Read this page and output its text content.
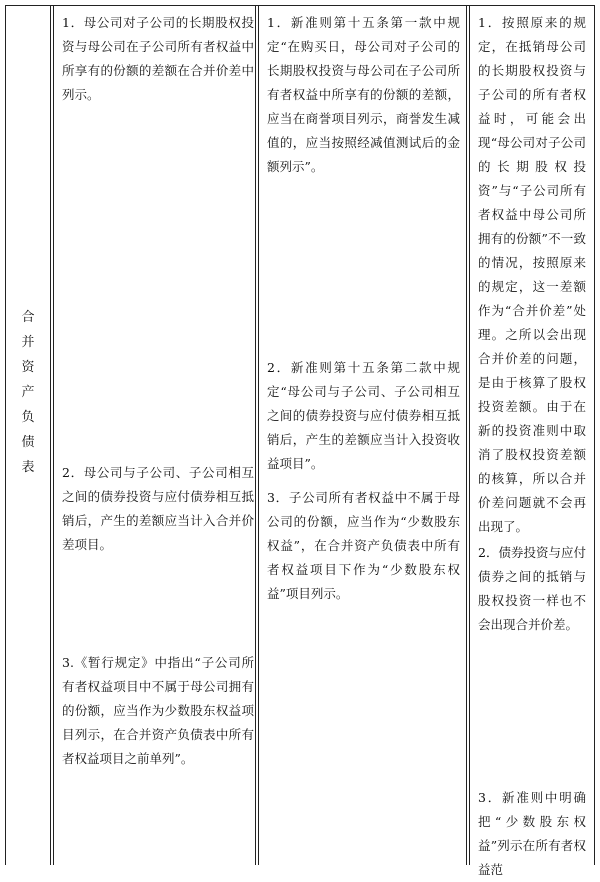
合并资产负债表

1．母公司对子公司的长期股权投资与母公司在子公司所有者权益中所享有的份额的差额在合并价差中列示。

2．母公司与子公司、子公司相互之间的债券投资与应付债券相互抵销后，产生的差额应当计入合并价差项目。

3.《暂行规定》中指出“子公司所有者权益项目中不属于母公司拥有的份额，应当作为少数股东权益项目列示，在合并资产负债表中所有者权益项目之前单列”。

1．新准则第十五条第一款中规定“在购买日，母公司对子公司的长期股权投资与母公司在子公司所有者权益中所享有的份额的差额，应当在商誉项目列示，商誉发生减值的，应当按照经减值测试后的金额列示”。

2．新准则第十五条第二款中规定“母公司与子公司、子公司相互之间的债券投资与应付债券相互抵销后，产生的差额应当计入投资收益项目”。

3．子公司所有者权益中不属于母公司的份额，应当作为“少数股东权益”，在合并资产负债表中所有者权益项目下作为“少数股东权益”项目列示。

1．按照原来的规定，在抵销母公司的长期股权投资与子公司的所有者权益时，可能会出现“母公司对子公司的长期股权投资”与“子公司所有者权益中母公司所拥有的份额”不一致的情况，按照原来的规定，这一差额作为“合并价差”处理。之所以会出现合并价差的问题，是由于核算了股权投资差额。由于在新的投资准则中取消了股权投资差额的核算，所以合并价差问题就不会再出现了。

2．债券投资与应付债券之间的抵销与股权投资一样也不会出现合并价差。

3．新准则中明确把“少数股东权益”列示在所有者权益范
